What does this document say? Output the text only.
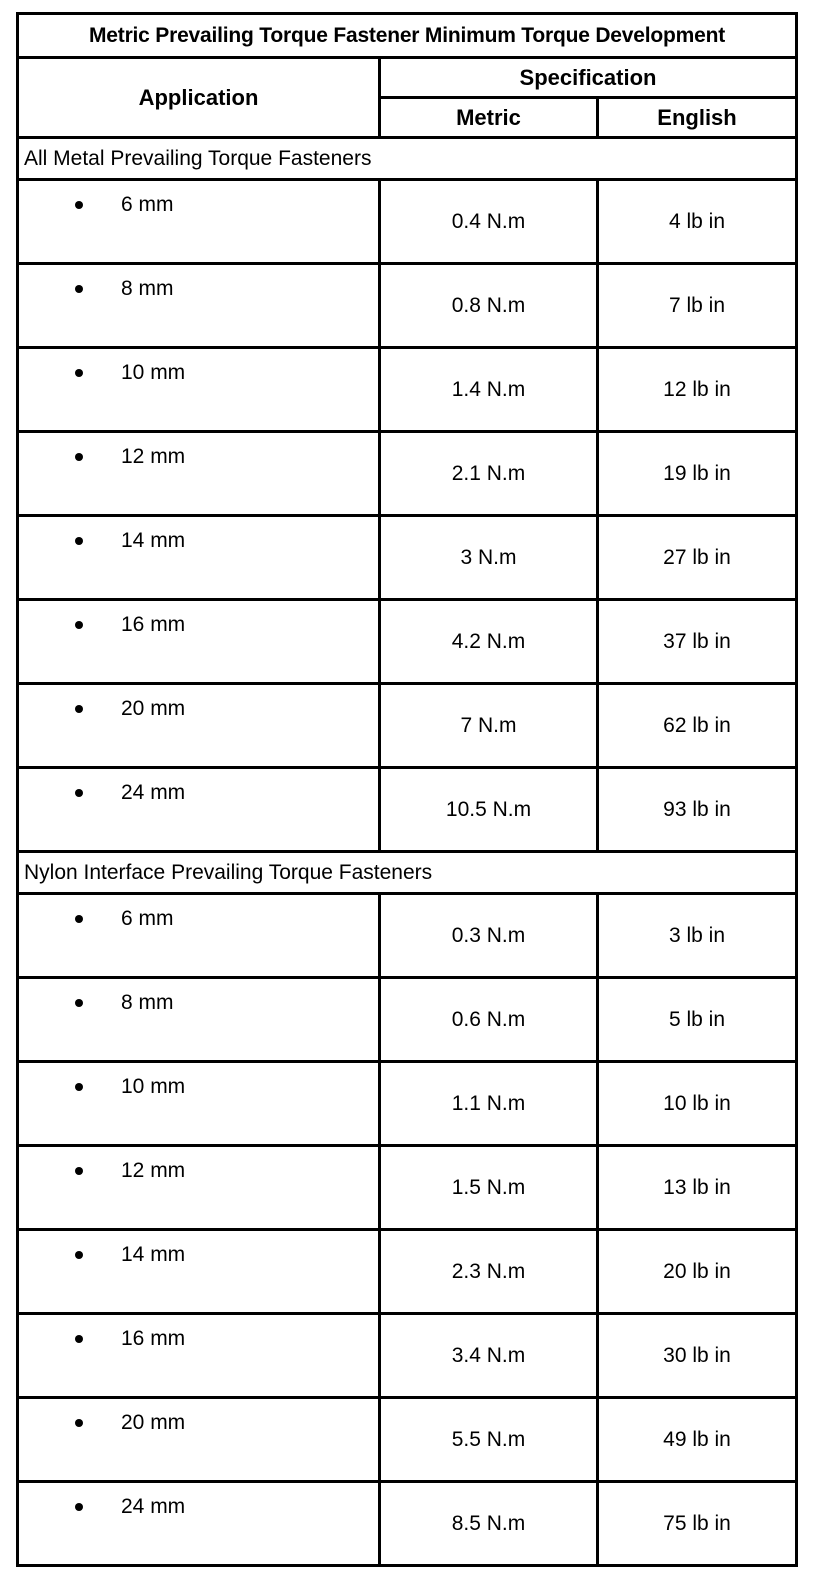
Metric Prevailing Torque Fastener Minimum Torque Development		
Application	Specification	
	Metric	English
All Metal Prevailing Torque Fasteners		

6 mm	0.4 N.m	4 lb in

8 mm	0.8 N.m	7 lb in

10 mm	1.4 N.m	12 lb in

12 mm	2.1 N.m	19 lb in

14 mm	3 N.m	27 lb in

16 mm	4.2 N.m	37 lb in

20 mm	7 N.m	62 lb in

24 mm	10.5 N.m	93 lb in
Nylon Interface Prevailing Torque Fasteners		

6 mm	0.3 N.m	3 lb in

8 mm	0.6 N.m	5 lb in

10 mm	1.1 N.m	10 lb in

12 mm	1.5 N.m	13 lb in

14 mm	2.3 N.m	20 lb in

16 mm	3.4 N.m	30 lb in

20 mm	5.5 N.m	49 lb in

24 mm	8.5 N.m	75 lb in
